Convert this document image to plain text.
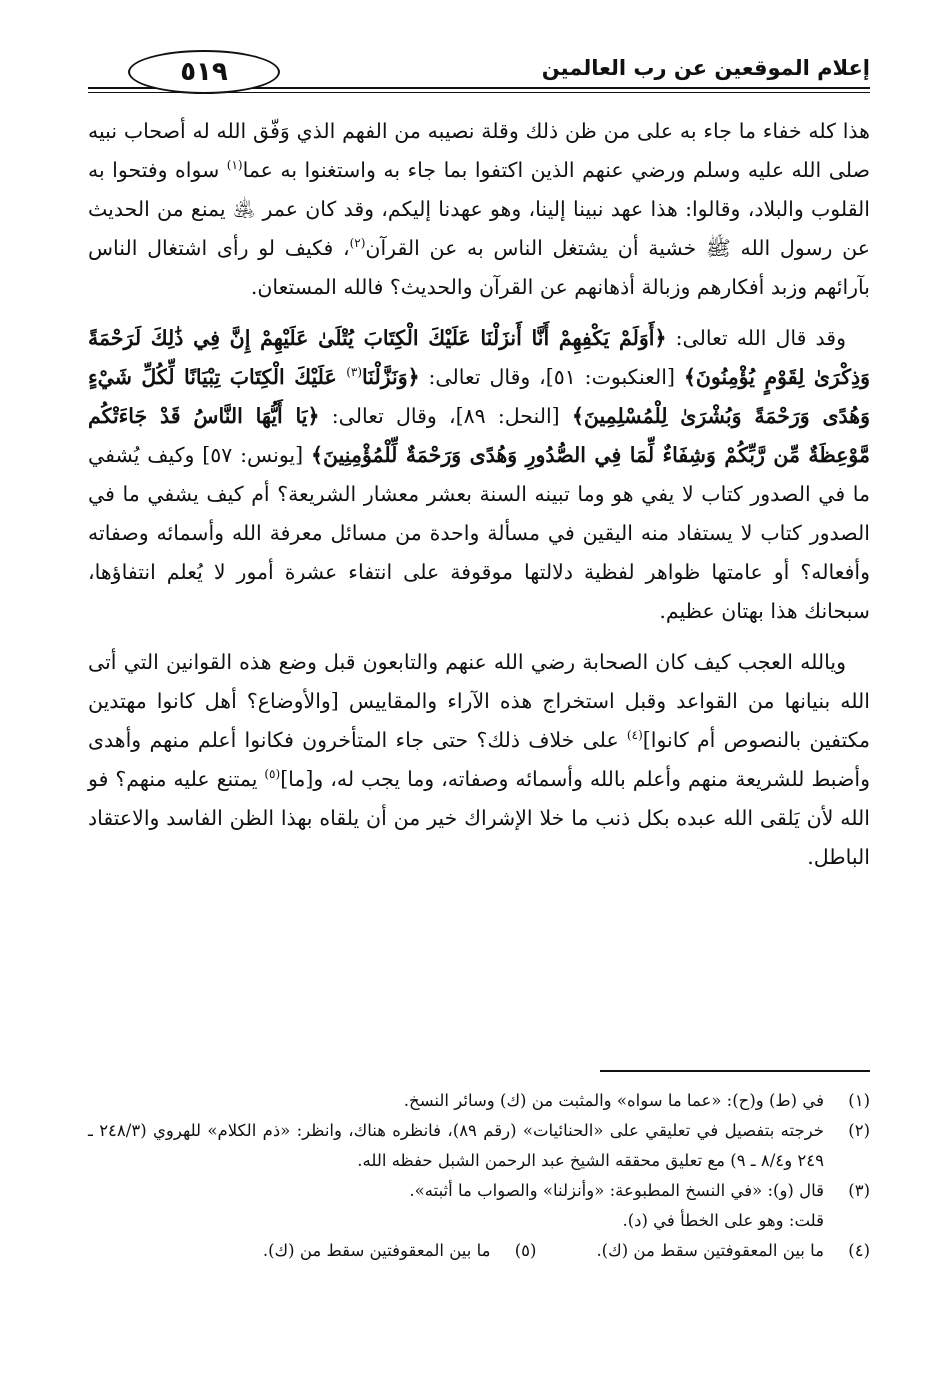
إعلام الموقعين عن رب العالمين
٥١٩

هذا كله خفاء ما جاء به على من ظن ذلك وقلة نصيبه من الفهم الذي وَفّق الله له أصحاب نبيه صلى الله عليه وسلم ورضي عنهم الذين اكتفوا بما جاء به واستغنوا به عما$^{(١)}$ سواه وفتحوا به القلوب والبلاد، وقالوا: هذا عهد نبينا إلينا، وهو عهدنا إليكم، وقد كان عمر ﵁ يمنع من الحديث عن رسول الله ﷺ خشية أن يشتغل الناس به عن القرآن$^{(٢)}$، فكيف لو رأى اشتغال الناس بآرائهم وزبد أفكارهم وزبالة أذهانهم عن القرآن والحديث؟ فالله المستعان.

وقد قال الله تعالى: ﴿أَوَلَمْ يَكْفِهِمْ أَنَّا أَنزَلْنَا عَلَيْكَ الْكِتَابَ يُتْلَىٰ عَلَيْهِمْ إِنَّ فِي ذَٰلِكَ لَرَحْمَةً وَذِكْرَىٰ لِقَوْمٍ يُؤْمِنُونَ﴾ [العنكبوت: ٥١]، وقال تعالى: ﴿وَنَزَّلْنَا$^{(٣)}$ عَلَيْكَ الْكِتَابَ تِبْيَانًا لِّكُلِّ شَيْءٍ وَهُدًى وَرَحْمَةً وَبُشْرَىٰ لِلْمُسْلِمِينَ﴾ [النحل: ٨٩]، وقال تعالى: ﴿يَا أَيُّهَا النَّاسُ قَدْ جَاءَتْكُم مَّوْعِظَةٌ مِّن رَّبِّكُمْ وَشِفَاءٌ لِّمَا فِي الصُّدُورِ وَهُدًى وَرَحْمَةٌ لِّلْمُؤْمِنِينَ﴾ [يونس: ٥٧] وكيف يُشفي ما في الصدور كتاب لا يفي هو وما تبينه السنة بعشر معشار الشريعة؟ أم كيف يشفي ما في الصدور كتاب لا يستفاد منه اليقين في مسألة واحدة من مسائل معرفة الله وأسمائه وصفاته وأفعاله؟ أو عامتها ظواهر لفظية دلالتها موقوفة على انتفاء عشرة أمور لا يُعلم انتفاؤها، سبحانك هذا بهتان عظيم.

ويالله العجب كيف كان الصحابة رضي الله عنهم والتابعون قبل وضع هذه القوانين التي أتى الله بنيانها من القواعد وقبل استخراج هذه الآراء والمقاييس [والأوضاع؟ أهل كانوا مهتدين مكتفين بالنصوص أم كانوا]$^{(٤)}$ على خلاف ذلك؟ حتى جاء المتأخرون فكانوا أعلم منهم وأهدى وأضبط للشريعة منهم وأعلم بالله وأسمائه وصفاته، وما يجب له، و[ما]$^{(٥)}$ يمتنع عليه منهم؟ فو الله لأن يَلقى الله عبده بكل ذنب ما خلا الإشراك خير من أن يلقاه بهذا الظن الفاسد والاعتقاد الباطل.

(١)
في (ط) و(ح): «عما ما سواه» والمثبت من (ك) وسائر النسخ.
(٢)
خرجته بتفصيل في تعليقي على «الحنائيات» (رقم ٨٩)، فانظره هناك، وانظر: «ذم الكلام» للهروي (٢٤٨/٣ ـ ٢٤٩ و٨/٤ ـ ٩) مع تعليق محققه الشيخ عبد الرحمن الشبل حفظه الله.
(٣)
قال (و): «في النسخ المطبوعة: «وأنزلنا» والصواب ما أثبته».
قلت: وهو على الخطأ في (د).
(٤)
ما بين المعقوفتين سقط من (ك).
(٥)
ما بين المعقوفتين سقط من (ك).
